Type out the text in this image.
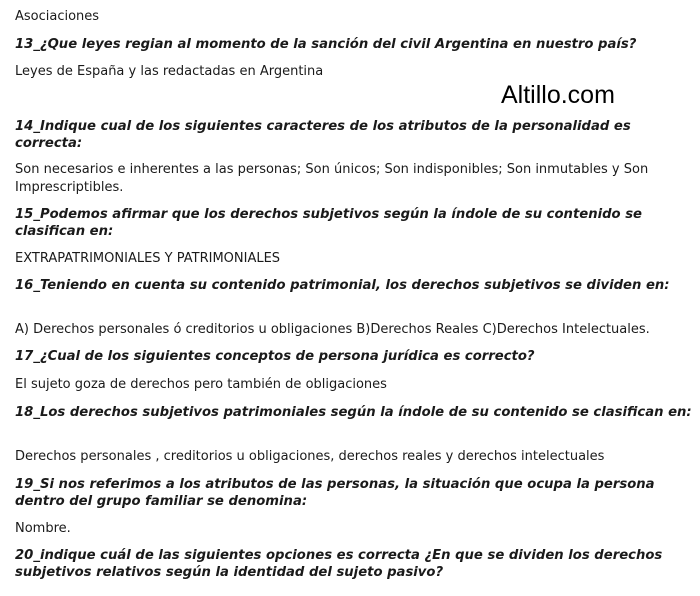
Asociaciones
13_¿Que leyes regian al momento de la sanción del civil Argentina en nuestro país?
Leyes de España y las redactadas en Argentina
Altillo.com
14_Indique cual de los siguientes caracteres de los atributos de la personalidad es correcta:
Son necesarios e inherentes a las personas; Son únicos; Son indisponibles; Son inmutables y Son Imprescriptibles.
15_Podemos afirmar que los derechos subjetivos según la índole de su contenido se clasifican en:
EXTRAPATRIMONIALES Y PATRIMONIALES
16_Teniendo en cuenta su contenido patrimonial, los derechos subjetivos se dividen en:
A) Derechos personales ó creditorios u obligaciones B)Derechos Reales C)Derechos Intelectuales.
17_¿Cual de los siguientes conceptos de persona jurídica es correcto?
El sujeto goza de derechos pero también de obligaciones
18_Los derechos subjetivos patrimoniales según la índole de su contenido se clasifican en:
Derechos personales , creditorios u obligaciones, derechos reales y derechos intelectuales
19_Si nos referimos a los atributos de las personas, la situación que ocupa la persona dentro del grupo familiar se denomina:
Nombre.
20_indique cuál de las siguientes opciones es correcta ¿En que se dividen los derechos subjetivos relativos según la identidad del sujeto pasivo?
